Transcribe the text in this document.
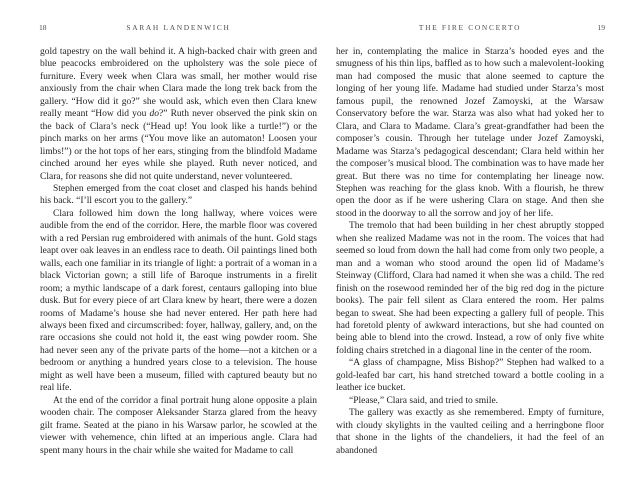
18	SARAH LANDENWICH

gold tapestry on the wall behind it. A high-backed chair with green and blue peacocks embroidered on the upholstery was the sole piece of furniture. Every week when Clara was small, her mother would rise anxiously from the chair when Clara made the long trek back from the gallery. “How did it go?” she would ask, which even then Clara knew really meant “How did you do?” Ruth never observed the pink skin on the back of Clara’s neck (“Head up! You look like a turtle!”) or the pinch marks on her arms (“You move like an automaton! Loosen your limbs!”) or the hot tops of her ears, stinging from the blindfold Madame cinched around her eyes while she played. Ruth never noticed, and Clara, for reasons she did not quite understand, never volunteered.

Stephen emerged from the coat closet and clasped his hands behind his back. “I’ll escort you to the gallery.”

Clara followed him down the long hallway, where voices were audible from the end of the corridor. Here, the marble floor was covered with a red Persian rug embroidered with animals of the hunt. Gold stags leapt over oak leaves in an endless race to death. Oil paintings lined both walls, each one familiar in its triangle of light: a portrait of a woman in a black Victorian gown; a still life of Baroque instruments in a firelit room; a mythic landscape of a dark forest, centaurs galloping into blue dusk. But for every piece of art Clara knew by heart, there were a dozen rooms of Madame’s house she had never entered. Her path here had always been fixed and circumscribed: foyer, hallway, gallery, and, on the rare occasions she could not hold it, the east wing powder room. She had never seen any of the private parts of the home—not a kitchen or a bedroom or anything a hundred years close to a television. The house might as well have been a museum, filled with captured beauty but no real life.

At the end of the corridor a final portrait hung alone opposite a plain wooden chair. The composer Aleksander Starza glared from the heavy gilt frame. Seated at the piano in his Warsaw parlor, he scowled at the viewer with vehemence, chin lifted at an imperious angle. Clara had spent many hours in the chair while she waited for Madame to call

THE FIRE CONCERTO	19

her in, contemplating the malice in Starza’s hooded eyes and the smugness of his thin lips, baffled as to how such a malevolent-looking man had composed the music that alone seemed to capture the longing of her young life. Madame had studied under Starza’s most famous pupil, the renowned Jozef Zamoyski, at the Warsaw Conservatory before the war. Starza was also what had yoked her to Clara, and Clara to Madame. Clara’s great-grandfather had been the composer’s cousin. Through her tutelage under Jozef Zamoyski, Madame was Starza’s pedagogical descendant; Clara held within her the composer’s musical blood. The combination was to have made her great. But there was no time for contemplating her lineage now. Stephen was reaching for the glass knob. With a flourish, he threw open the door as if he were ushering Clara on stage. And then she stood in the doorway to all the sorrow and joy of her life.

The tremolo that had been building in her chest abruptly stopped when she realized Madame was not in the room. The voices that had seemed so loud from down the hall had come from only two people, a man and a woman who stood around the open lid of Madame’s Steinway (Clifford, Clara had named it when she was a child. The red finish on the rosewood reminded her of the big red dog in the picture books). The pair fell silent as Clara entered the room. Her palms began to sweat. She had been expecting a gallery full of people. This had foretold plenty of awkward interactions, but she had counted on being able to blend into the crowd. Instead, a row of only five white folding chairs stretched in a diagonal line in the center of the room.

“A glass of champagne, Miss Bishop?” Stephen had walked to a gold-leafed bar cart, his hand stretched toward a bottle cooling in a leather ice bucket.

“Please,” Clara said, and tried to smile.

The gallery was exactly as she remembered. Empty of furniture, with cloudy skylights in the vaulted ceiling and a herringbone floor that shone in the lights of the chandeliers, it had the feel of an abandoned
